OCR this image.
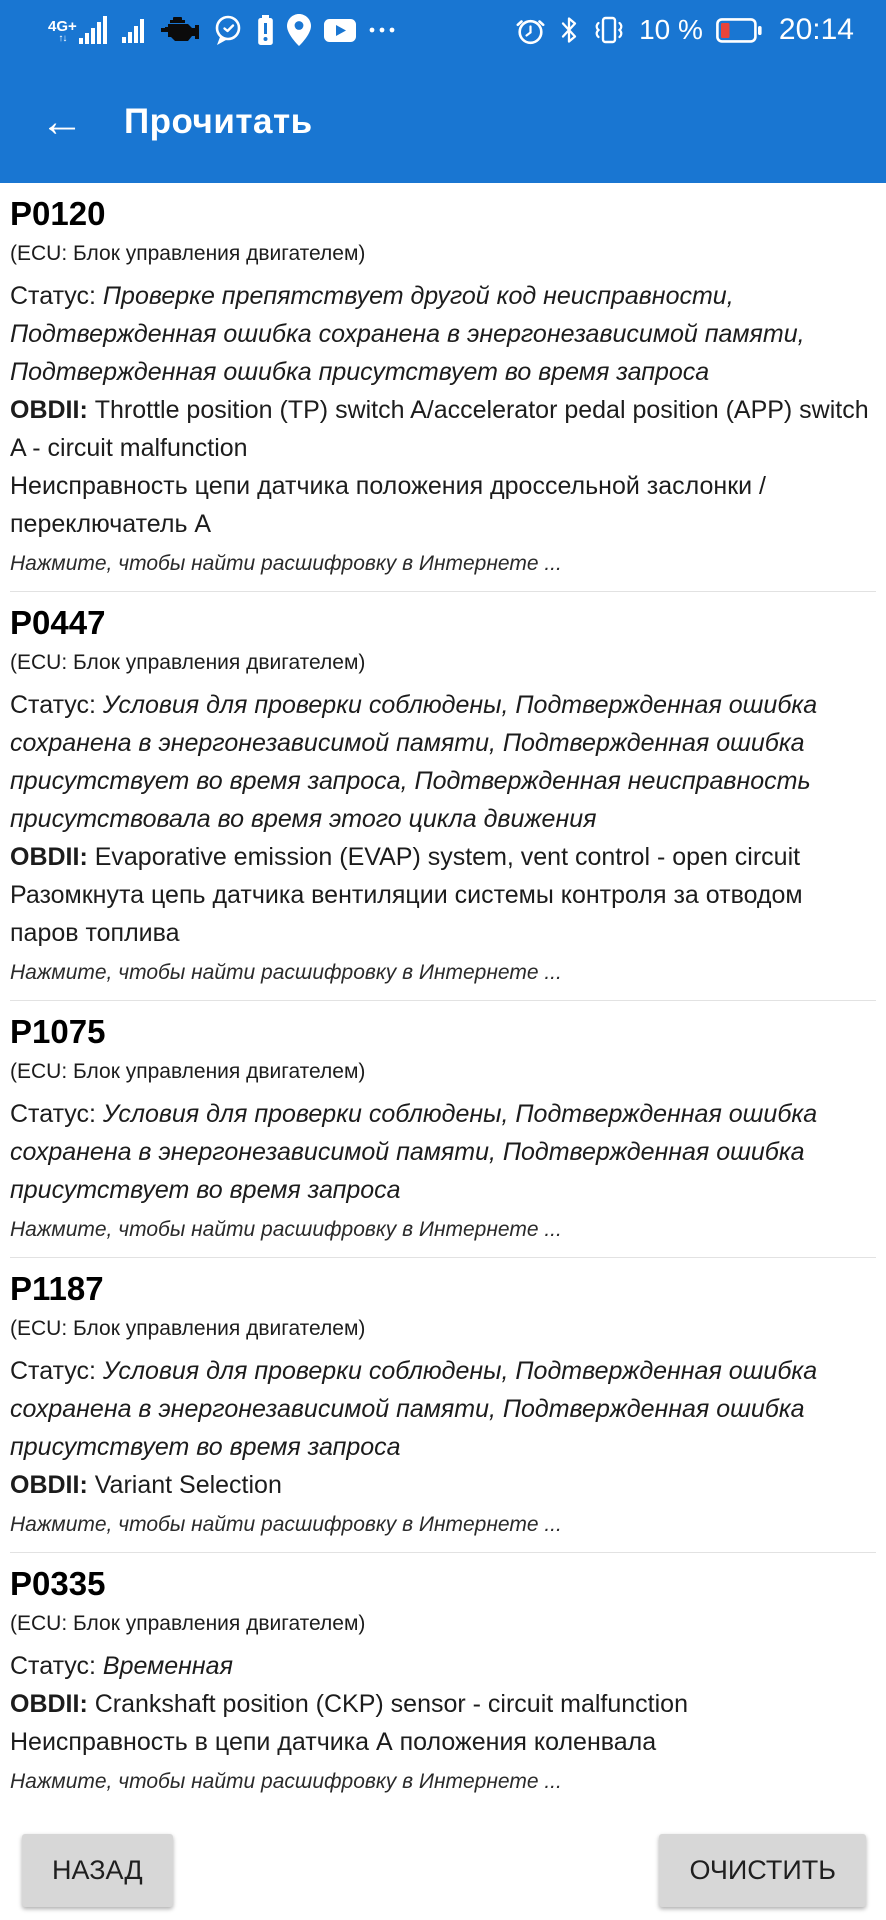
4G+
↑↓	10 %	20:14
←	Прочитать
P0120
(ECU: Блок управления двигателем)
Статус: Проверке препятствует другой код неисправности, Подтвержденная ошибка сохранена в энергонезависимой памяти, Подтвержденная ошибка присутствует во время запроса
OBDII: Throttle position (TP) switch A/accelerator pedal position (APP) switch A - circuit malfunction
Неисправность цепи датчика положения дроссельной заслонки / переключатель А
Нажмите, чтобы найти расшифровку в Интернете ...
P0447
(ECU: Блок управления двигателем)
Статус: Условия для проверки соблюдены, Подтвержденная ошибка сохранена в энергонезависимой памяти, Подтвержденная ошибка присутствует во время запроса, Подтвержденная неисправность присутствовала во время этого цикла движения
OBDII: Evaporative emission (EVAP) system, vent control - open circuit
Разомкнута цепь датчика вентиляции системы контроля за отводом паров топлива
Нажмите, чтобы найти расшифровку в Интернете ...
P1075
(ECU: Блок управления двигателем)
Статус: Условия для проверки соблюдены, Подтвержденная ошибка сохранена в энергонезависимой памяти, Подтвержденная ошибка присутствует во время запроса
Нажмите, чтобы найти расшифровку в Интернете ...
P1187
(ECU: Блок управления двигателем)
Статус: Условия для проверки соблюдены, Подтвержденная ошибка сохранена в энергонезависимой памяти, Подтвержденная ошибка присутствует во время запроса
OBDII: Variant Selection
Нажмите, чтобы найти расшифровку в Интернете ...
P0335
(ECU: Блок управления двигателем)
Статус: Временная
OBDII: Crankshaft position (CKP) sensor - circuit malfunction
Неисправность в цепи датчика А положения коленвала
Нажмите, чтобы найти расшифровку в Интернете ...
НАЗАД	ОЧИСТИТЬ
